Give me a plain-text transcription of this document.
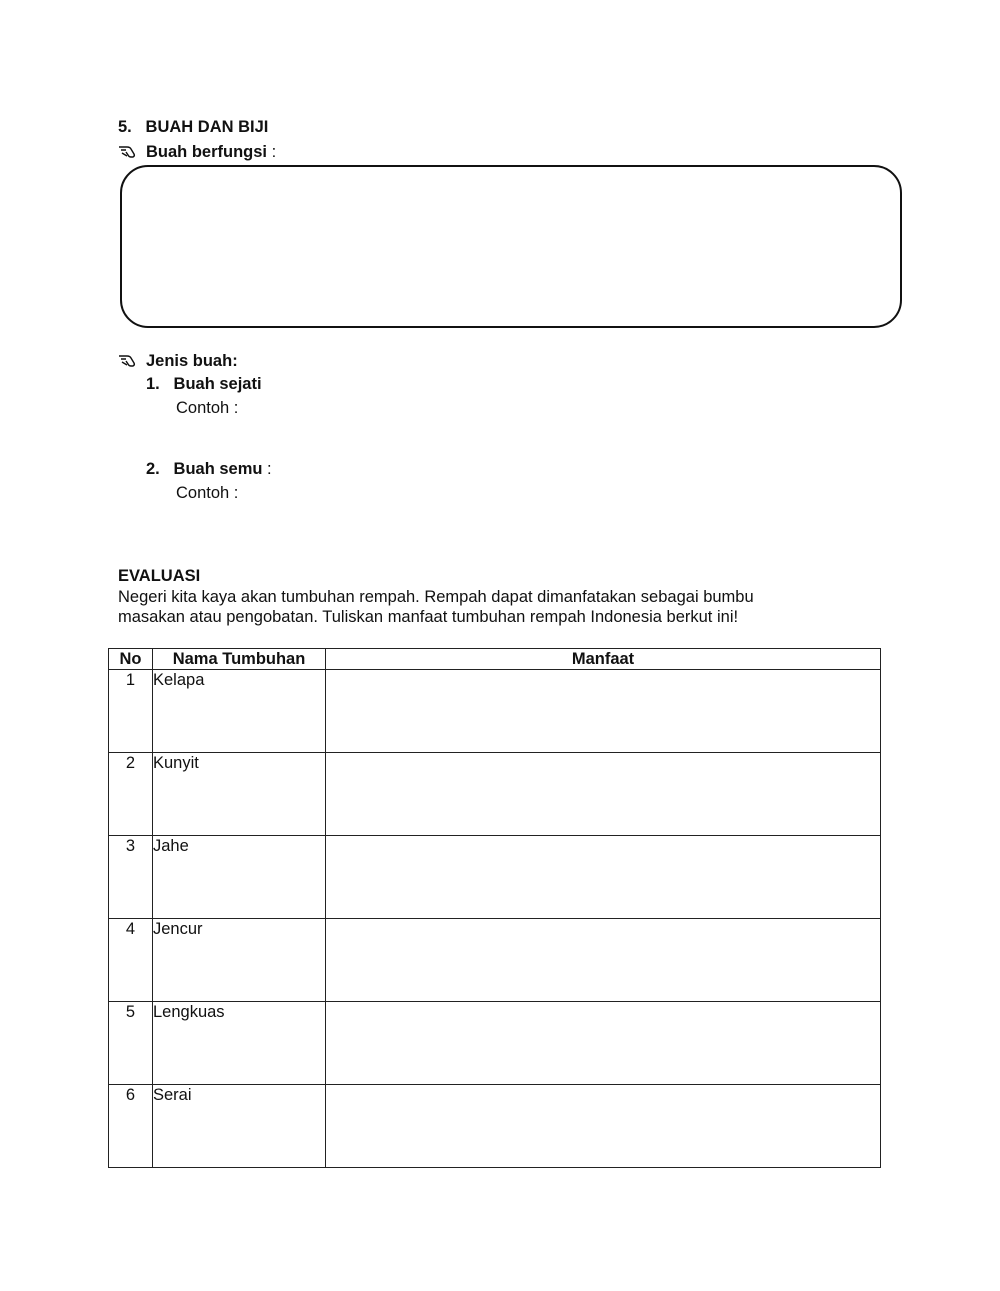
5. BUAH DAN BIJI
Buah berfungsi :
Jenis buah:
1. Buah sejati
Contoh :
2. Buah semu :
Contoh :
EVALUASI
Negeri kita kaya akan tumbuhan rempah. Rempah dapat dimanfatakan sebagai bumbu
masakan atau pengobatan. Tuliskan manfaat tumbuhan rempah Indonesia berkut ini!
No	Nama Tumbuhan	Manfaat
1	Kelapa	
2	Kunyit	
3	Jahe	
4	Jencur	
5	Lengkuas	
6	Serai	
